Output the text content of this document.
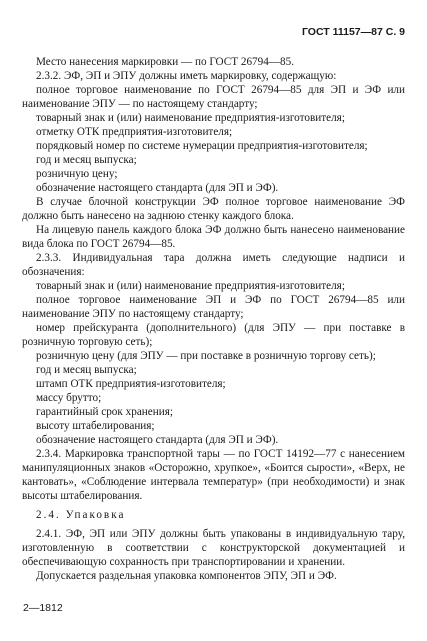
ГОСТ 11157—87 С. 9

Место нанесения маркировки — по ГОСТ 26794—85.

2.3.2. ЭФ, ЭП и ЭПУ должны иметь маркировку, содержащую:

полное торговое наименование по ГОСТ 26794—85 для ЭП и ЭФ или наименование ЭПУ — по настоящему стандарту;

товарный знак и (или) наименование предприятия-изготовителя;

отметку ОТК предприятия-изготовителя;

порядковый номер по системе нумерации предприятия-изготовителя;

год и месяц выпуска;

розничную цену;

обозначение настоящего стандарта (для ЭП и ЭФ).

В случае блочной конструкции ЭФ полное торговое наименование ЭФ должно быть нанесено на заднюю стенку каждого блока.

На лицевую панель каждого блока ЭФ должно быть нанесено наименование вида блока по ГОСТ 26794—85.

2.3.3. Индивидуальная тара должна иметь следующие надписи и обозначения:

товарный знак и (или) наименование предприятия-изготовителя;

полное торговое наименование ЭП и ЭФ по ГОСТ 26794—85 или наименование ЭПУ по настоящему стандарту;

номер прейскуранта (дополнительного) (для ЭПУ — при поставке в розничную торговую сеть);

розничную цену (для ЭПУ — при поставке в розничную торгову сеть);

год и месяц выпуска;

штамп ОТК предприятия-изготовителя;

массу брутто;

гарантийный срок хранения;

высоту штабелирования;

обозначение настоящего стандарта (для ЭП и ЭФ).

2.3.4. Маркировка транспортной тары — по ГОСТ 14192—77 с нанесением манипуляционных знаков «Осторожно, хрупкое», «Боится сырости», «Верх, не кантовать», «Соблюдение интервала температур» (при необходимости) и знак высоты штабелирования.

2.4. Упаковка

2.4.1. ЭФ, ЭП или ЭПУ должны быть упакованы в индивидуальную тару, изготовленную в соответствии с конструкторской документацией и обеспечивающую сохранность при транспортировании и хранении.

Допускается раздельная упаковка компонентов ЭПУ, ЭП и ЭФ.

2—1812
